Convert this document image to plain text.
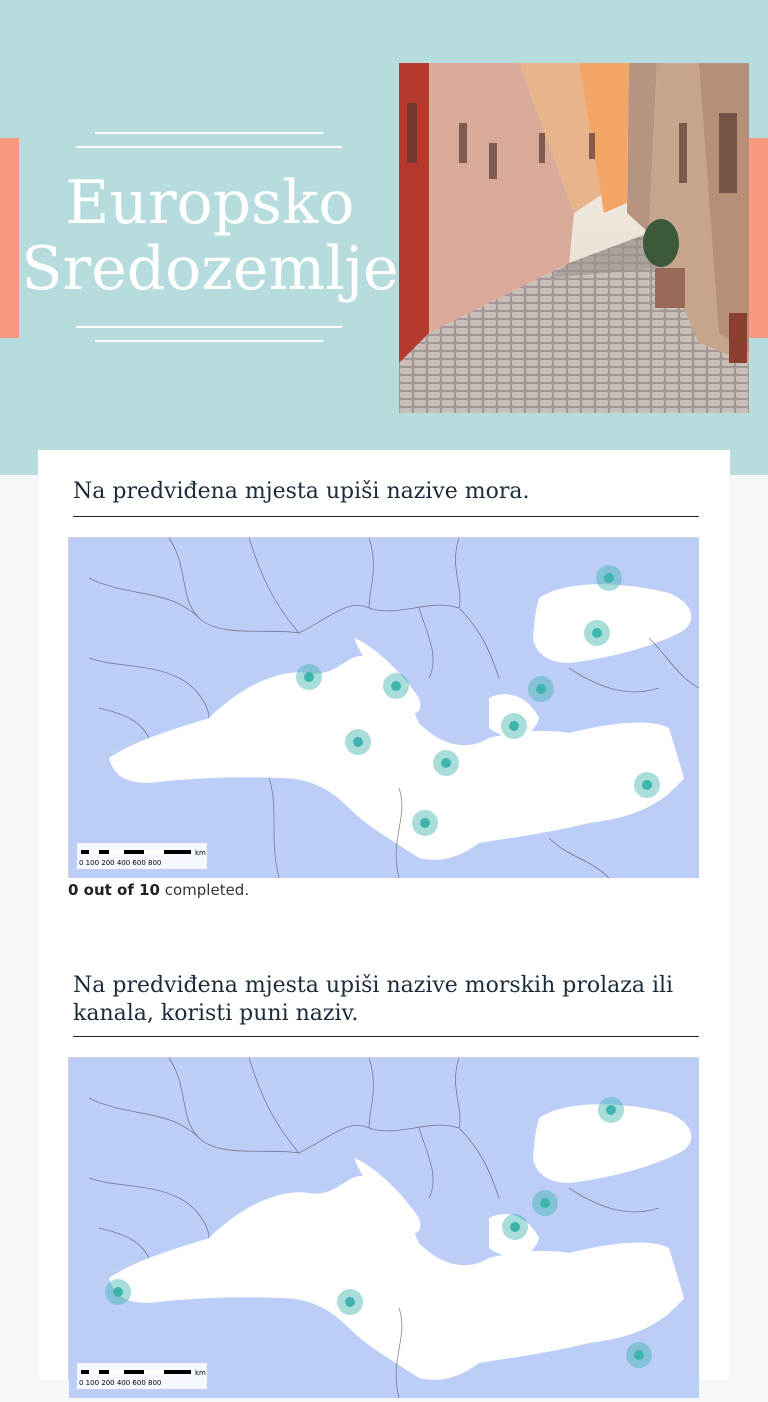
Europsko
Sredozemlje
Na predviđena mjesta upiši nazive mora.
0 100 200 400 600 800
km
0 out of 10 completed.
Na predviđena mjesta upiši nazive morskih prolaza ili kanala, koristi puni naziv.
0 100 200 400 600 800
km
